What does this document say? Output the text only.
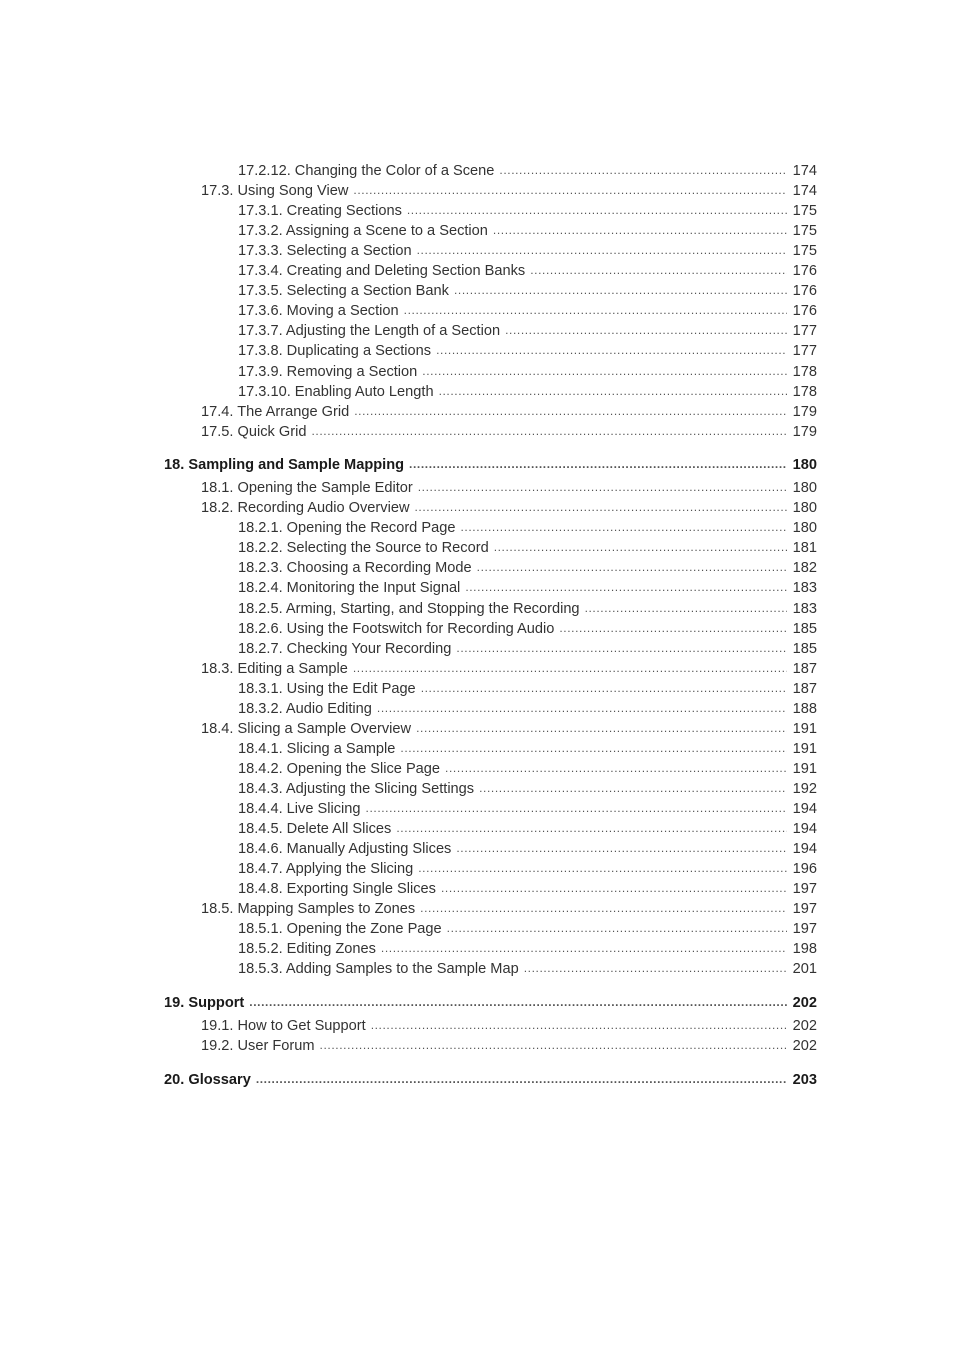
17.2.12. Changing the Color of a Scene .....	174
17.3. Using Song View .....	174
17.3.1. Creating Sections .....	175
17.3.2. Assigning a Scene to a Section .....	175
17.3.3. Selecting a Section .....	175
17.3.4. Creating and Deleting Section Banks .....	176
17.3.5. Selecting a Section Bank .....	176
17.3.6. Moving a Section .....	176
17.3.7. Adjusting the Length of a Section .....	177
17.3.8. Duplicating a Sections .....	177
17.3.9. Removing a Section .....	178
17.3.10. Enabling Auto Length .....	178
17.4. The Arrange Grid .....	179
17.5. Quick Grid .....	179
18. Sampling and Sample Mapping .....	180
18.1. Opening the Sample Editor .....	180
18.2. Recording Audio Overview .....	180
18.2.1. Opening the Record Page .....	180
18.2.2. Selecting the Source to Record .....	181
18.2.3. Choosing a Recording Mode .....	182
18.2.4. Monitoring the Input Signal .....	183
18.2.5. Arming, Starting, and Stopping the Recording .....	183
18.2.6. Using the Footswitch for Recording Audio .....	185
18.2.7. Checking Your Recording .....	185
18.3. Editing a Sample .....	187
18.3.1. Using the Edit Page .....	187
18.3.2. Audio Editing .....	188
18.4. Slicing a Sample Overview .....	191
18.4.1. Slicing a Sample .....	191
18.4.2. Opening the Slice Page .....	191
18.4.3. Adjusting the Slicing Settings .....	192
18.4.4. Live Slicing .....	194
18.4.5. Delete All Slices .....	194
18.4.6. Manually Adjusting Slices .....	194
18.4.7. Applying the Slicing .....	196
18.4.8. Exporting Single Slices .....	197
18.5. Mapping Samples to Zones .....	197
18.5.1. Opening the Zone Page .....	197
18.5.2. Editing Zones .....	198
18.5.3. Adding Samples to the Sample Map .....	201
19. Support .....	202
19.1. How to Get Support .....	202
19.2. User Forum .....	202
20. Glossary .....	203
